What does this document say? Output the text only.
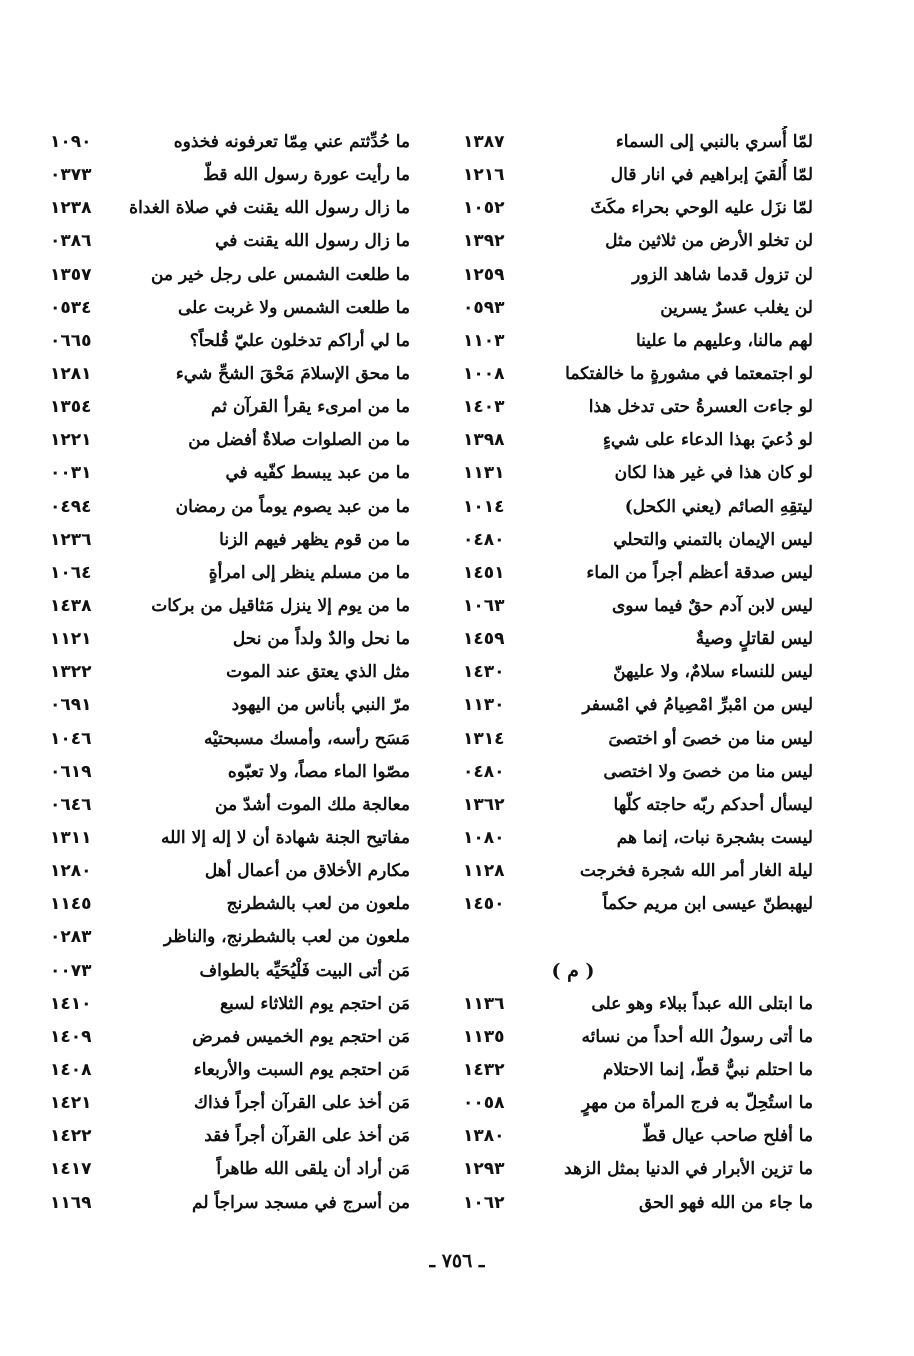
لمّا أُسري بالنبي إلى السماء
١٣٨٧
لمّا أُلقيَ إبراهيم في انار قال
١٢١٦
لمّا نزَل عليه الوحي بحراء مكَثَ
١٠٥٢
لن تخلو الأرض من ثلاثين مثل
١٣٩٢
لن تزول قدما شاهد الزور
١٢٥٩
لن يغلب عسرٌ يسرين
٠٥٩٣
لهم مالنا، وعليهم ما علينا
١١٠٣
لو اجتمعتما في مشورةٍ ما خالفتكما
١٠٠٨
لو جاءت العسرةُ حتى تدخل هذا
١٤٠٣
لو دُعيَ بهذا الدعاء على شيءٍ
١٣٩٨
لو كان هذا في غير هذا لكان
١١٣١
ليتقِهِ الصائم (يعني الكحل)
١٠١٤
ليس الإيمان بالتمني والتحلي
٠٤٨٠
ليس صدقة أعظم أجراً من الماء
١٤٥١
ليس لابن آدم حقٌ فيما سوى
١٠٦٣
ليس لقاتلٍ وصيةٌ
١٤٥٩
ليس للنساء سلامٌ، ولا عليهنّ
١٤٣٠
ليس من امْبرِّ امْصِيامُ في امْسفر
١١٣٠
ليس منا من خصىَ أو اختصىَ
١٣١٤
ليس منا من خصىَ ولا اختصى
٠٤٨٠
ليسأل أحدكم ربّه حاجته كلّها
١٣٦٢
ليست بشجرة نبات، إنما هم
١٠٨٠
ليلة الغار أمر الله شجرة فخرجت
١١٢٨
ليهبطنّ عيسى ابن مريم حكماً
١٤٥٠
( م )
ما ابتلى الله عبداً ببلاء وهو على
١١٣٦
ما أتى رسولُ الله أحداً من نسائه
١١٣٥
ما احتلم نبيٌّ قطّ، إنما الاحتلام
١٤٣٢
ما استُحِلّ به فرج المرأة من مهرٍ
٠٠٥٨
ما أفلح صاحب عيال قطّ
١٣٨٠
ما تزين الأبرار في الدنيا بمثل الزهد
١٢٩٣
ما جاء من الله فهو الحق
١٠٦٢
ما حُدِّثتم عني مِمّا تعرفونه فخذوه
١٠٩٠
ما رأيت عورة رسول الله قطّ
٠٣٧٣
ما زال رسول الله يقنت في صلاة الغداة
١٢٣٨
ما زال رسول الله يقنت في
٠٣٨٦
ما طلعت الشمس على رجل خير من
١٣٥٧
ما طلعت الشمس ولا غربت على
٠٥٣٤
ما لي أراكم تدخلون عليّ قُلحاً؟
٠٦٦٥
ما محق الإسلامَ مَحْقَ الشحِّ شيء
١٢٨١
ما من امرىء يقرأ القرآن ثم
١٣٥٤
ما من الصلوات صلاةٌ أفضل من
١٢٢١
ما من عبد يبسط كفّيه في
٠٠٣١
ما من عبد يصوم يوماً من رمضان
٠٤٩٤
ما من قوم يظهر فيهم الزنا
١٢٣٦
ما من مسلم ينظر إلى امرأةٍ
١٠٦٤
ما من يوم إلا ينزل مَثاقيل من بركات
١٤٣٨
ما نحل والدٌ ولداً من نحل
١١٢١
مثل الذي يعتق عند الموت
١٣٢٢
مرّ النبي بأناس من اليهود
٠٦٩١
مَسَح رأسه، وأمسك مسبحتيْه
١٠٤٦
مصّوا الماء مصاً، ولا تعبّوه
٠٦١٩
معالجة ملك الموت أشدّ من
٠٦٤٦
مفاتيح الجنة شهادة أن لا إله إلا الله
١٣١١
مكارم الأخلاق من أعمال أهل
١٢٨٠
ملعون من لعب بالشطرنج
١١٤٥
ملعون من لعب بالشطرنج، والناظر
٠٢٨٣
مَن أتى البيت فَلْيُحَيِّه بالطواف
٠٠٧٣
مَن احتجم يوم الثلاثاء لسبع
١٤١٠
مَن احتجم يوم الخميس فمرض
١٤٠٩
مَن احتجم يوم السبت والأربعاء
١٤٠٨
مَن أخذ على القرآن أجراً فذاك
١٤٢١
مَن أخذ على القرآن أجراً فقد
١٤٢٢
مَن أراد أن يلقى الله طاهراً
١٤١٧
من أسرج في مسجد سراجاً لم
١١٦٩
ـ ٧٥٦ ـ
